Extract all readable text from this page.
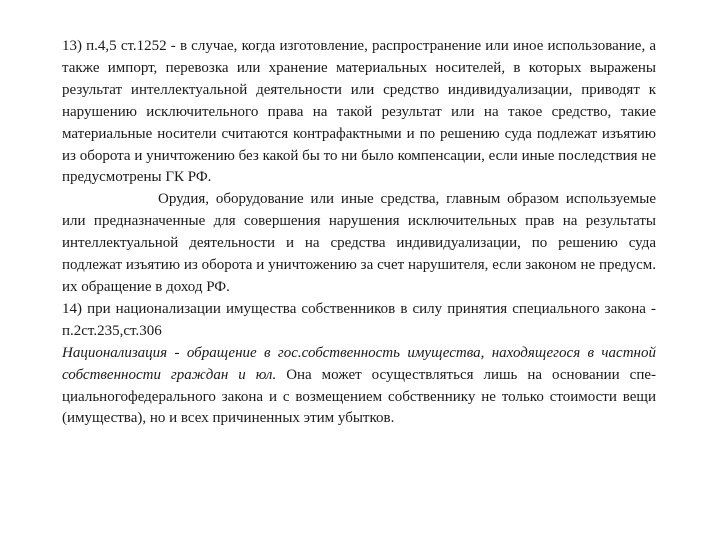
13) п.4,5 ст.1252 - в случае, когда изготовление, распространение или иное использование, а также импорт, перевозка или хранение материальных носителей, в которых выражены результат интеллектуальной деятельности или средство индивидуализации, приводят к нарушению исключительного права на такой результат или на такое средство, такие материальные носители считаются контрафактными и по решению суда подлежат изъятию из оборота и уничтожению без какой бы то ни было компенсации, если иные последствия не предусмотрены ГК РФ.

Орудия, оборудование или иные средства, главным образом используемые или предназначенные для совершения нарушения исключительных прав на результаты интеллектуальной деятельности и на средства индивидуализации, по решению суда подлежат изъятию из оборота и уничтожению за счет нарушителя, если законом не предусм. их обращение в доход РФ.

14) при национализации имущества собственников в силу принятия специального закона - п.2ст.235,ст.306

Национализация - обращение в гос.собственность имущества, находящегося в частной собственности граждан и юл. Она может осуществляться лишь на основании спе-циальногофедерального закона и с возмещением собственнику не только стоимости вещи (имущества), но и всех причиненных этим убытков.
